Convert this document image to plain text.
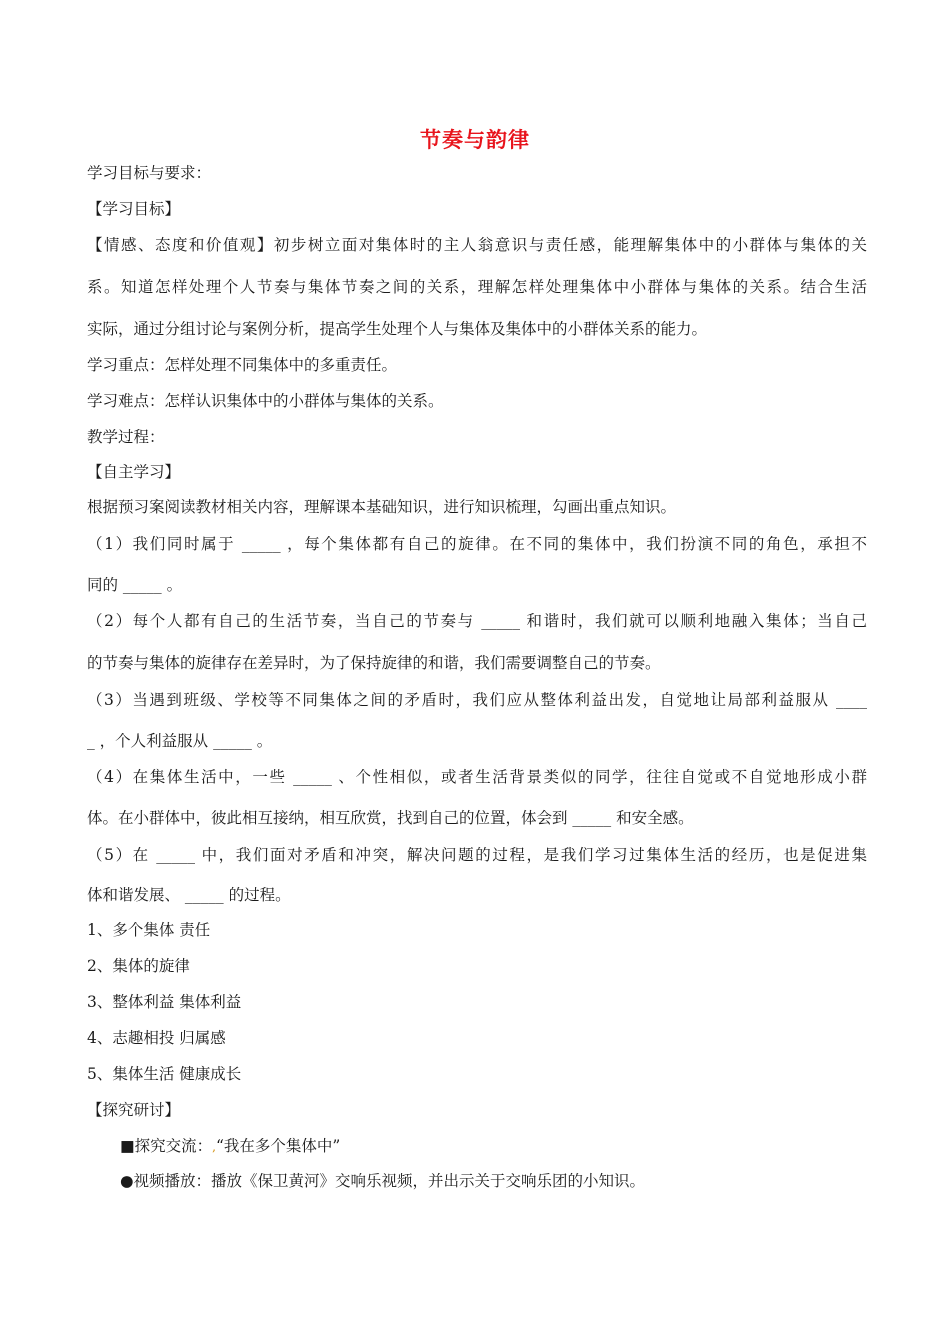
节奏与韵律
学习目标与要求：
【学习目标】
【情感、态度和价值观】初步树立面对集体时的主人翁意识与责任感，能理解集体中的小群体与集体的关
系。知道怎样处理个人节奏与集体节奏之间的关系，理解怎样处理集体中小群体与集体的关系。结合生活
实际，通过分组讨论与案例分析，提高学生处理个人与集体及集体中的小群体关系的能力。
学习重点：怎样处理不同集体中的多重责任。
学习难点：怎样认识集体中的小群体与集体的关系。
教学过程：
【自主学习】
根据预习案阅读教材相关内容，理解课本基础知识，进行知识梳理，勾画出重点知识。
（1）我们同时属于 _____ ，每个集体都有自己的旋律。在不同的集体中，我们扮演不同的角色，承担不
同的 _____ 。
（2）每个人都有自己的生活节奏，当自己的节奏与 _____ 和谐时，我们就可以顺利地融入集体；当自己
的节奏与集体的旋律存在差异时，为了保持旋律的和谐，我们需要调整自己的节奏。
（3）当遇到班级、学校等不同集体之间的矛盾时，我们应从整体利益出发，自觉地让局部利益服从 ____
_ ，个人利益服从 _____ 。
（4）在集体生活中，一些 _____ 、个性相似，或者生活背景类似的同学，往往自觉或不自觉地形成小群
体。在小群体中，彼此相互接纳，相互欣赏，找到自己的位置，体会到 _____ 和安全感。
（5）在 _____ 中，我们面对矛盾和冲突，解决问题的过程，是我们学习过集体生活的经历，也是促进集
体和谐发展、 _____ 的过程。
1、多个集体 责任
2、集体的旋律
3、整体利益 集体利益
4、志趣相投 归属感
5、集体生活 健康成长
【探究研讨】
■探究交流：,“我在多个集体中”
●视频播放：播放《保卫黄河》交响乐视频，并出示关于交响乐团的小知识。
